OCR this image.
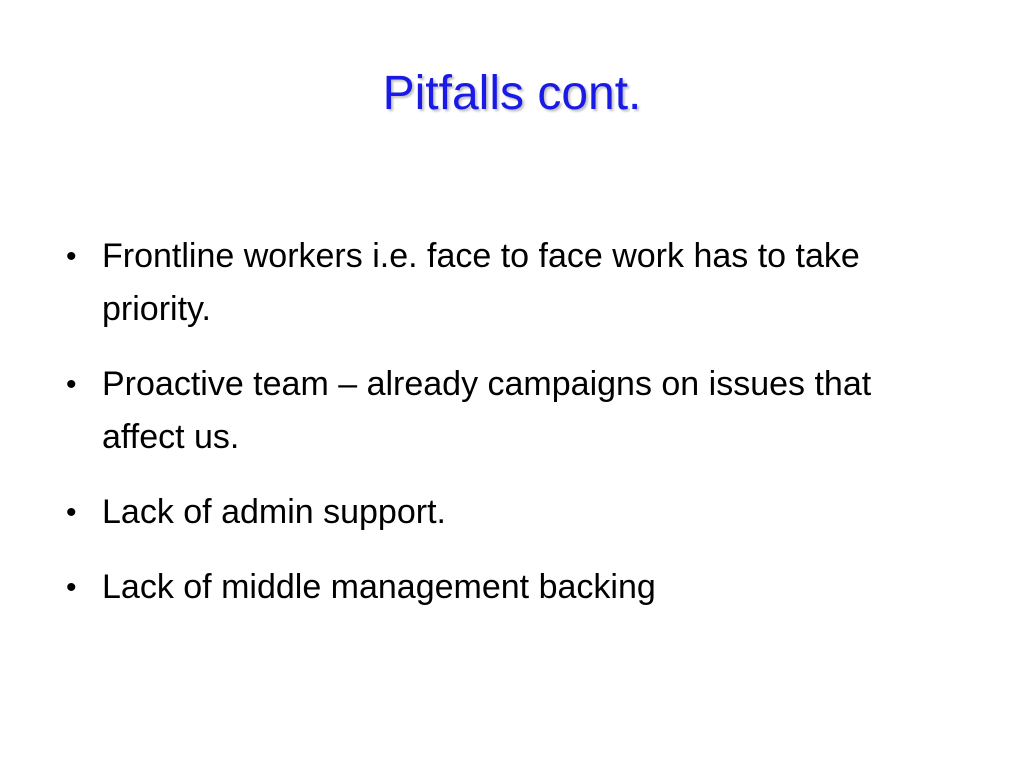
Pitfalls cont.
• Frontline workers i.e. face to face work has to take priority.
• Proactive team – already campaigns on issues that affect us.
• Lack of admin support.
• Lack of middle management backing
